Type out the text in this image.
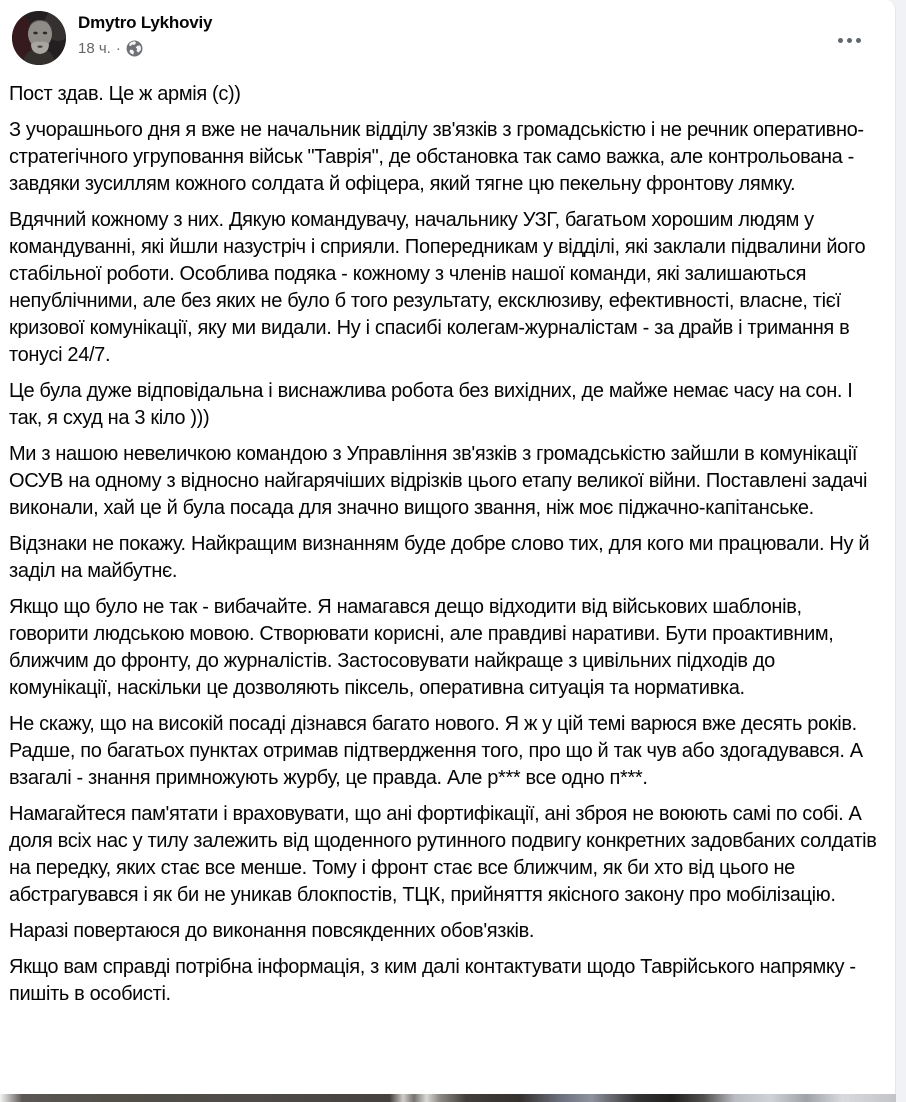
Dmytro Lykhoviy
18 ч. ·

Пост здав. Це ж армія (с))

З учорашнього дня я вже не начальник відділу зв'язків з громадськістю і не речник оперативно-стратегічного угруповання військ "Таврія", де обстановка так само важка, але контрольована - завдяки зусиллям кожного солдата й офіцера, який тягне цю пекельну фронтову лямку.

Вдячний кожному з них. Дякую командувачу, начальнику УЗГ, багатьом хорошим людям у командуванні, які йшли назустріч і сприяли. Попередникам у відділі, які заклали підвалини його стабільної роботи. Особлива подяка - кожному з членів нашої команди, які залишаються непублічними, але без яких не було б того результату, ексклюзиву, ефективності, власне, тієї кризової комунікації, яку ми видали. Ну і спасибі колегам-журналістам - за драйв і тримання в тонусі 24/7.

Це була дуже відповідальна і виснажлива робота без вихідних, де майже немає часу на сон. І так, я схуд на 3 кіло )))

Ми з нашою невеличкою командою з Управління зв'язків з громадськістю зайшли в комунікації ОСУВ на одному з відносно найгарячіших відрізків цього етапу великої війни. Поставлені задачі виконали, хай це й була посада для значно вищого звання, ніж моє піджачно-капітанське.

Відзнаки не покажу. Найкращим визнанням буде добре слово тих, для кого ми працювали. Ну й заділ на майбутнє.

Якщо що було не так - вибачайте. Я намагався дещо відходити від військових шаблонів, говорити людською мовою. Створювати корисні, але правдиві наративи. Бути проактивним, ближчим до фронту, до журналістів. Застосовувати найкраще з цивільних підходів до комунікації, наскільки це дозволяють піксель, оперативна ситуація та нормативка.

Не скажу, що на високій посаді дізнався багато нового. Я ж у цій темі варюся вже десять років. Радше, по багатьох пунктах отримав підтвердження того, про що й так чув або здогадувався. А взагалі - знання примножують журбу, це правда. Але р*** все одно п***.

Намагайтеся пам'ятати і враховувати, що ані фортифікації, ані зброя не воюють самі по собі. А доля всіх нас у тилу залежить від щоденного рутинного подвигу конкретних задовбаних солдатів на передку, яких стає все менше. Тому і фронт стає все ближчим, як би хто від цього не абстрагувався і як би не уникав блокпостів, ТЦК, прийняття якісного закону про мобілізацію.

Наразі повертаюся до виконання повсякденних обов'язків.

Якщо вам справді потрібна інформація, з ким далі контактувати щодо Таврійського напрямку - пишіть в особисті.
